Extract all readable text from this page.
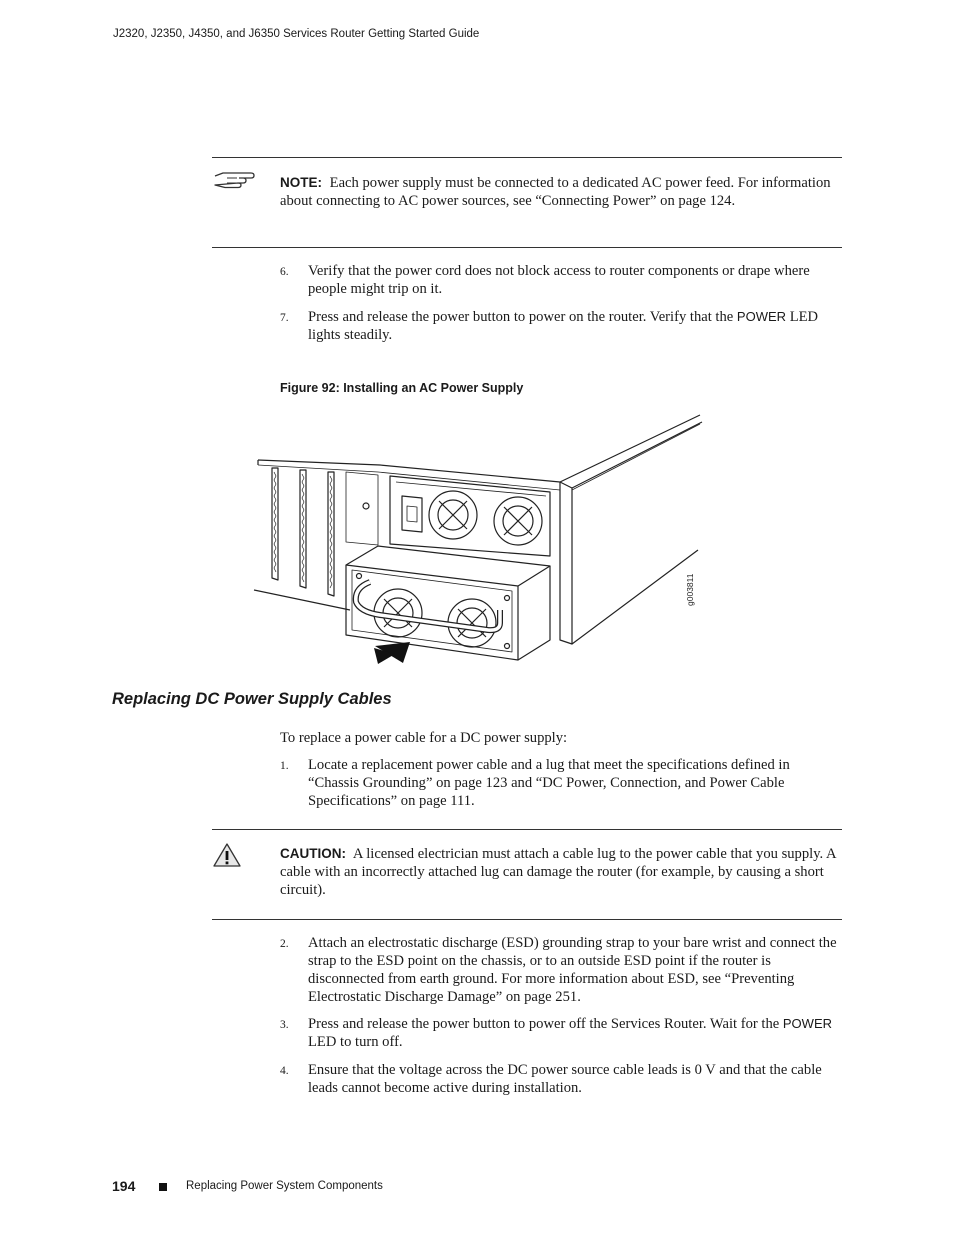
J2320, J2350, J4350, and J6350 Services Router Getting Started Guide
NOTE: Each power supply must be connected to a dedicated AC power feed. For information about connecting to AC power sources, see “Connecting Power” on page 124.
6. Verify that the power cord does not block access to router components or drape where people might trip on it.
7. Press and release the power button to power on the router. Verify that the POWER LED lights steadily.
Figure 92: Installing an AC Power Supply
g003811
Replacing DC Power Supply Cables
To replace a power cable for a DC power supply:
1. Locate a replacement power cable and a lug that meet the specifications defined in “Chassis Grounding” on page 123 and “DC Power, Connection, and Power Cable Specifications” on page 111.
CAUTION: A licensed electrician must attach a cable lug to the power cable that you supply. A cable with an incorrectly attached lug can damage the router (for example, by causing a short circuit).
2. Attach an electrostatic discharge (ESD) grounding strap to your bare wrist and connect the strap to the ESD point on the chassis, or to an outside ESD point if the router is disconnected from earth ground. For more information about ESD, see “Preventing Electrostatic Discharge Damage” on page 251.
3. Press and release the power button to power off the Services Router. Wait for the POWER LED to turn off.
4. Ensure that the voltage across the DC power source cable leads is 0 V and that the cable leads cannot become active during installation.
194	Replacing Power System Components
